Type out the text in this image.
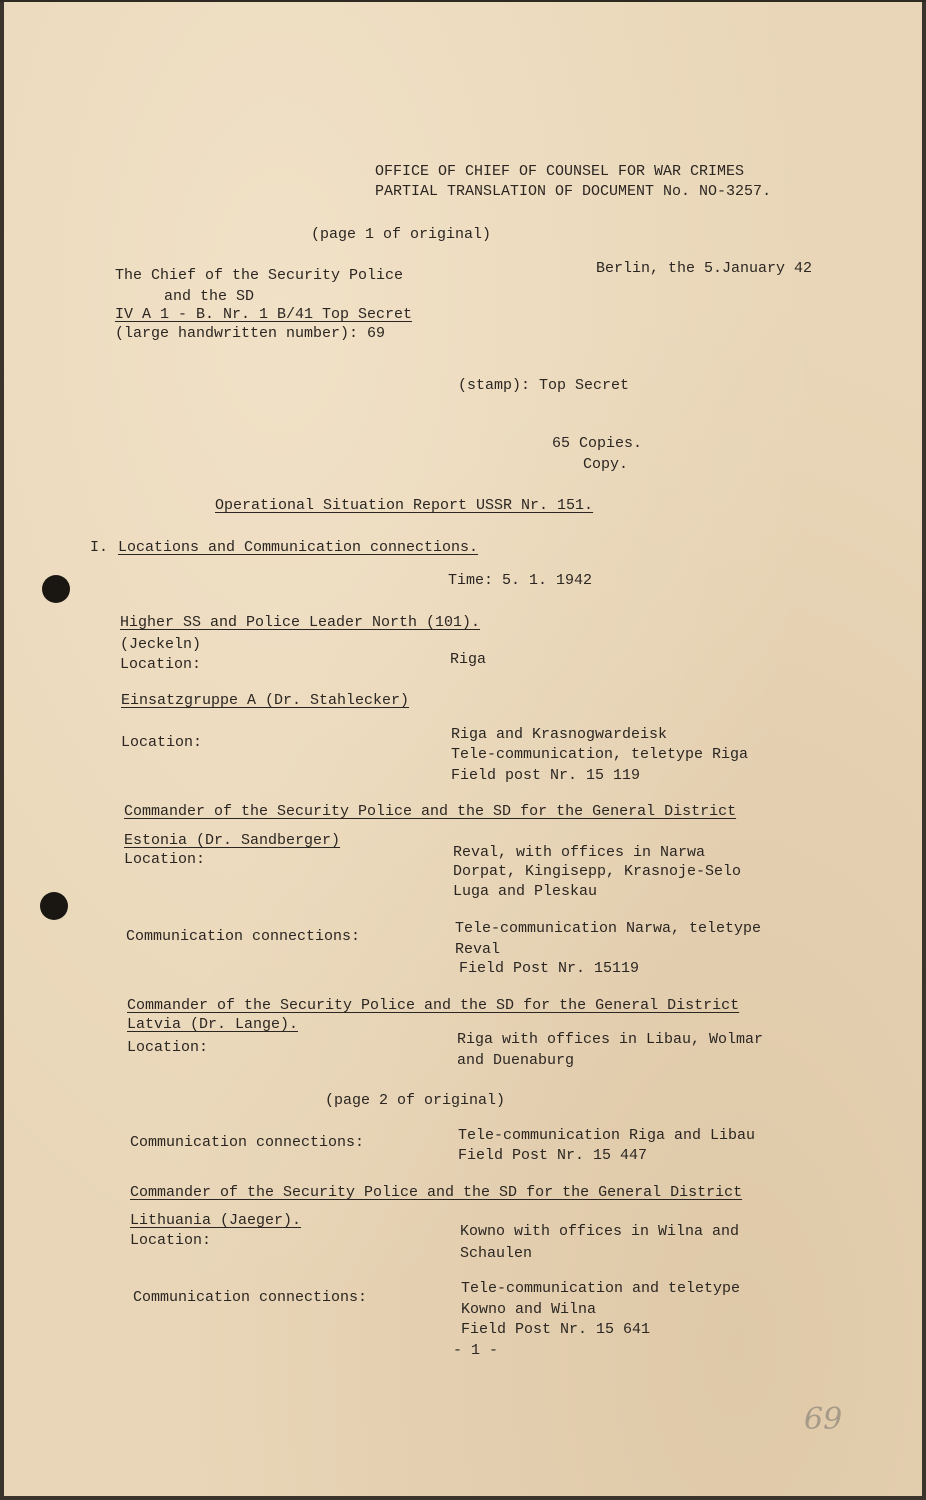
OFFICE OF CHIEF OF COUNSEL FOR WAR CRIMES
PARTIAL TRANSLATION OF DOCUMENT No. NO-3257.
(page 1 of original)
The Chief of the Security Police
and the SD
IV A 1 - B. Nr. 1 B/41 Top Secret
(large handwritten number): 69
Berlin, the 5.January 42
(stamp): Top Secret
65 Copies.
Copy.
Operational Situation Report USSR Nr. 151.
I. Locations and Communication connections.
Time: 5. 1. 1942
Higher SS and Police Leader North (101).
(Jeckeln)
Location:	Riga
Einsatzgruppe A (Dr. Stahlecker)
Location:	Riga and Krasnogwardeisk
Tele-communication, teletype Riga
Field post Nr. 15 119
Commander of the Security Police and the SD for the General District
Estonia (Dr. Sandberger)
Location:	Reval, with offices in Narwa
Dorpat, Kingisepp, Krasnoje-Selo
Luga and Pleskau
Communication connections:	Tele-communication Narwa, teletype
Reval
Field Post Nr. 15119
Commander of the Security Police and the SD for the General District
Latvia (Dr. Lange).
Location:	Riga with offices in Libau, Wolmar
and Duenaburg
(page 2 of original)
Communication connections:	Tele-communication Riga and Libau
Field Post Nr. 15 447
Commander of the Security Police and the SD for the General District
Lithuania (Jaeger).
Location:
Kowno with offices in Wilna and
Schaulen
Communication connections:
Tele-communication and teletype
Kowno and Wilna
Field Post Nr. 15 641
- 1 -
69
